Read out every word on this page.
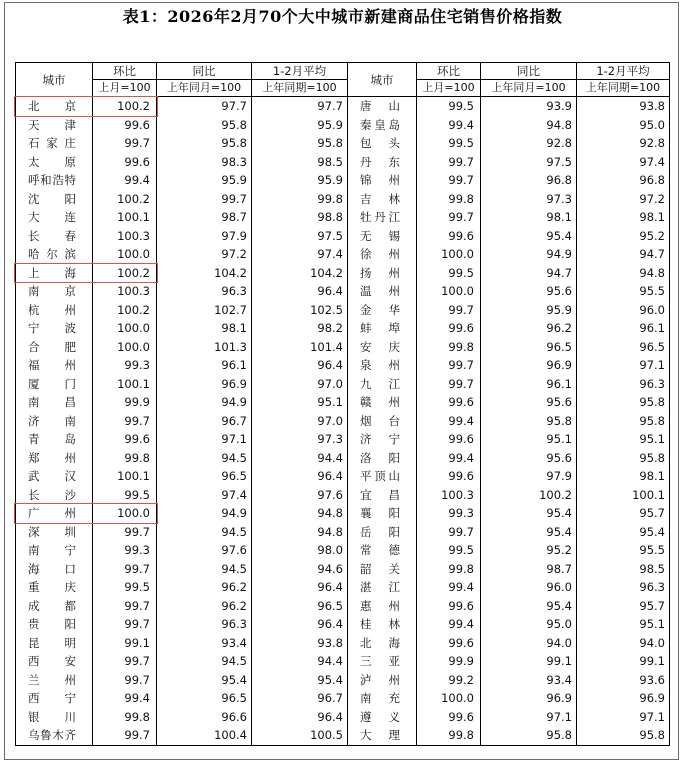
表1：2026年2月70个大中城市新建商品住宅销售价格指数
城市	环比	同比	1-2月平均	城市	环比	同比	1-2月平均
	上月=100	上年同月=100	上年同期=100		上月=100	上年同月=100	上年同期=100
北京	100.2	97.7	97.7	唐山	99.5	93.9	93.8
天津	99.6	95.8	95.9	秦皇岛	99.4	94.8	95.0
石家庄	99.7	95.8	95.8	包头	99.5	92.8	92.8
太原	99.6	98.3	98.5	丹东	99.7	97.5	97.4
呼和浩特	99.4	95.9	95.9	锦州	99.7	96.8	96.8
沈阳	100.2	99.7	99.8	吉林	99.8	97.3	97.2
大连	100.1	98.7	98.8	牡丹江	99.7	98.1	98.1
长春	100.3	97.9	97.5	无锡	99.6	95.4	95.2
哈尔滨	100.0	97.2	97.4	徐州	100.0	94.9	94.7
上海	100.2	104.2	104.2	扬州	99.5	94.7	94.8
南京	100.3	96.3	96.4	温州	100.0	95.6	95.5
杭州	100.2	102.7	102.5	金华	99.7	95.9	96.0
宁波	100.0	98.1	98.2	蚌埠	99.6	96.2	96.1
合肥	100.0	101.3	101.4	安庆	99.8	96.5	96.5
福州	99.3	96.1	96.4	泉州	99.7	96.9	97.1
厦门	100.1	96.9	97.0	九江	99.7	96.1	96.3
南昌	99.9	94.9	95.1	赣州	99.6	95.6	95.8
济南	99.7	96.7	97.0	烟台	99.4	95.8	95.8
青岛	99.6	97.1	97.3	济宁	99.6	95.1	95.1
郑州	99.8	94.5	94.4	洛阳	99.4	95.6	95.8
武汉	100.1	96.5	96.4	平顶山	99.6	97.9	98.1
长沙	99.5	97.4	97.6	宜昌	100.3	100.2	100.1
广州	100.0	94.9	94.8	襄阳	99.3	95.4	95.7
深圳	99.7	94.5	94.8	岳阳	99.7	95.4	95.4
南宁	99.3	97.6	98.0	常德	99.5	95.2	95.5
海口	99.7	94.5	94.6	韶关	99.8	98.7	98.5
重庆	99.5	96.2	96.4	湛江	99.4	96.0	96.3
成都	99.7	96.2	96.5	惠州	99.6	95.4	95.7
贵阳	99.7	96.3	96.4	桂林	99.4	95.0	95.1
昆明	99.1	93.4	93.8	北海	99.6	94.0	94.0
西安	99.7	94.5	94.4	三亚	99.9	99.1	99.1
兰州	99.7	95.4	95.4	泸州	99.2	93.4	93.6
西宁	99.4	96.5	96.7	南充	100.0	96.9	96.9
银川	99.8	96.6	96.4	遵义	99.6	97.1	97.1
乌鲁木齐	99.7	100.4	100.5	大理	99.8	95.8	95.8
